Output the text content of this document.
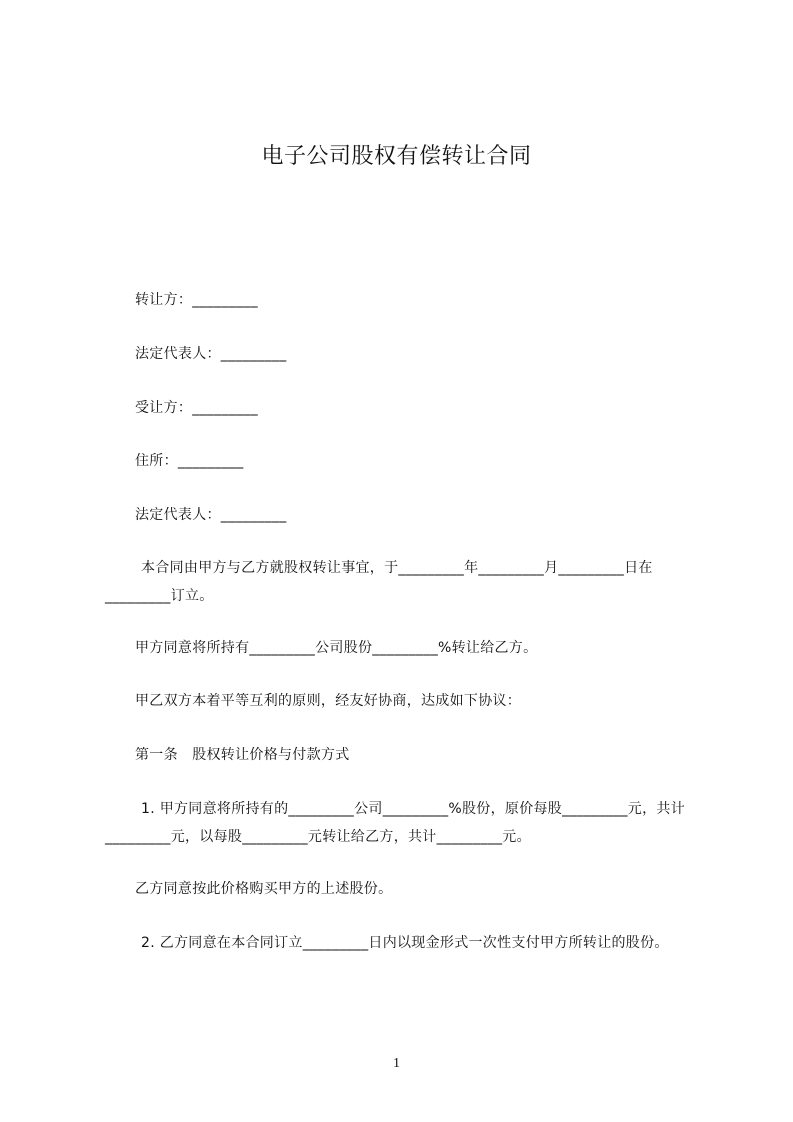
电子公司股权有偿转让合同

转让方：_________

法定代表人：_________

受让方：_________

住所：_________

法定代表人：_________

本合同由甲方与乙方就股权转让事宜，于_________年_________月_________日在_________订立。

甲方同意将所持有_________公司股份_________%转让给乙方。

甲乙双方本着平等互利的原则，经友好协商，达成如下协议：

第一条　股权转让价格与付款方式

1. 甲方同意将所持有的_________公司_________%股份，原价每股_________元，共计_________元，以每股_________元转让给乙方，共计_________元。

乙方同意按此价格购买甲方的上述股份。

2. 乙方同意在本合同订立_________日内以现金形式一次性支付甲方所转让的股份。

1
